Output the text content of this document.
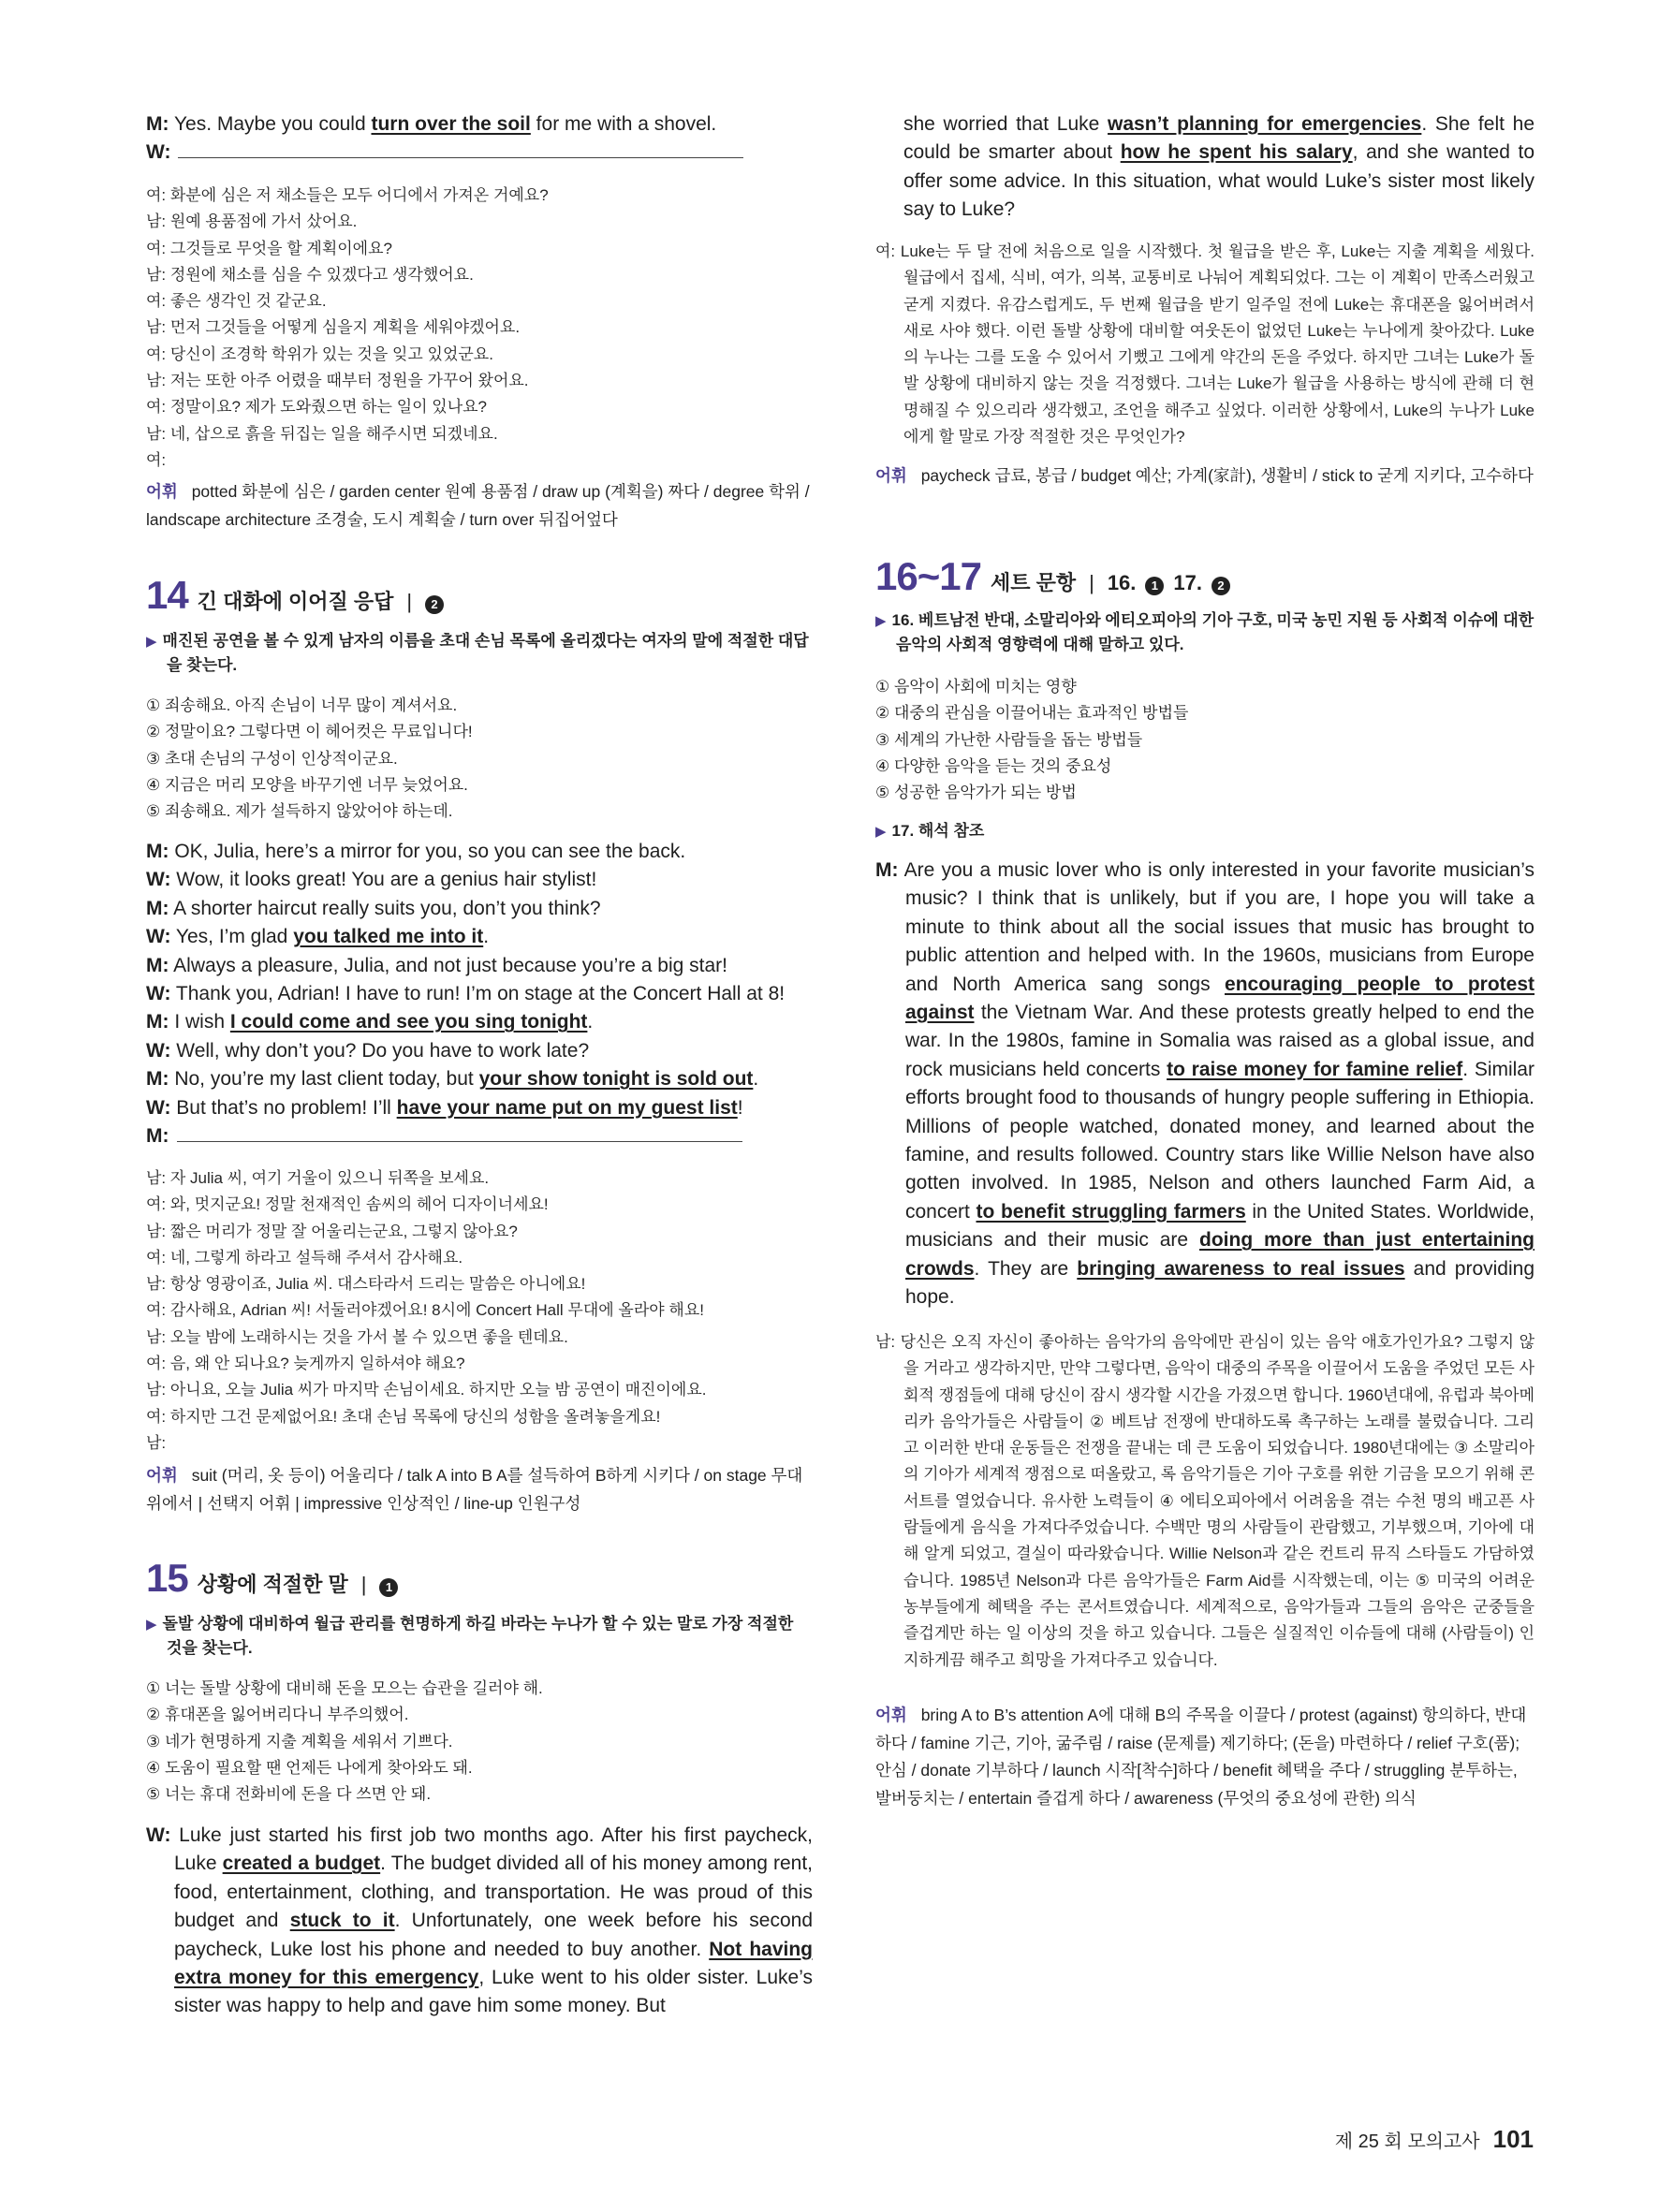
M: Yes. Maybe you could turn over the soil for me with a shovel.
W:
여: 화분에 심은 저 채소들은 모두 어디에서 가져온 거예요?
남: 원예 용품점에 가서 샀어요.
여: 그것들로 무엇을 할 계획이에요?
남: 정원에 채소를 심을 수 있겠다고 생각했어요.
여: 좋은 생각인 것 같군요.
남: 먼저 그것들을 어떻게 심을지 계획을 세워야겠어요.
여: 당신이 조경학 학위가 있는 것을 잊고 있었군요.
남: 저는 또한 아주 어렸을 때부터 정원을 가꾸어 왔어요.
여: 정말이요? 제가 도와줬으면 하는 일이 있나요?
남: 네, 삽으로 흙을 뒤집는 일을 해주시면 되겠네요.
여:
어휘 potted 화분에 심은 / garden center 원예 용품점 / draw up (계획을) 짜다 / degree 학위 / landscape architecture 조경술, 도시 계획술 / turn over 뒤집어엎다
14 긴 대화에 이어질 응답 |	2
▶ 매진된 공연을 볼 수 있게 남자의 이름을 초대 손님 목록에 올리겠다는 여자의 말에 적절한 대답을 찾는다.
① 죄송해요. 아직 손님이 너무 많이 계셔서요.
② 정말이요? 그렇다면 이 헤어컷은 무료입니다!
③ 초대 손님의 구성이 인상적이군요.
④ 지금은 머리 모양을 바꾸기엔 너무 늦었어요.
⑤ 죄송해요. 제가 설득하지 않았어야 하는데.
M: OK, Julia, here’s a mirror for you, so you can see the back.
W: Wow, it looks great! You are a genius hair stylist!
M: A shorter haircut really suits you, don’t you think?
W: Yes, I’m glad you talked me into it.
M: Always a pleasure, Julia, and not just because you’re a big star!
W: Thank you, Adrian! I have to run! I’m on stage at the Concert Hall at 8!
M: I wish I could come and see you sing tonight.
W: Well, why don’t you? Do you have to work late?
M: No, you’re my last client today, but your show tonight is sold out.
W: But that’s no problem! I’ll have your name put on my guest list!
M:
남: 자 Julia 씨, 여기 거울이 있으니 뒤쪽을 보세요.
여: 와, 멋지군요! 정말 천재적인 솜씨의 헤어 디자이너세요!
남: 짧은 머리가 정말 잘 어울리는군요, 그렇지 않아요?
여: 네, 그렇게 하라고 설득해 주셔서 감사해요.
남: 항상 영광이죠, Julia 씨. 대스타라서 드리는 말씀은 아니에요!
여: 감사해요, Adrian 씨! 서둘러야겠어요! 8시에 Concert Hall 무대에 올라야 해요!
남: 오늘 밤에 노래하시는 것을 가서 볼 수 있으면 좋을 텐데요.
여: 음, 왜 안 되나요? 늦게까지 일하셔야 해요?
남: 아니요, 오늘 Julia 씨가 마지막 손님이세요. 하지만 오늘 밤 공연이 매진이에요.
여: 하지만 그건 문제없어요! 초대 손님 목록에 당신의 성함을 올려놓을게요!
남:
어휘 suit (머리, 옷 등이) 어울리다 / talk A into B A를 설득하여 B하게 시키다 / on stage 무대 위에서 | 선택지 어휘 | impressive 인상적인 / line-up 인원구성
15 상황에 적절한 말 |	1
▶ 돌발 상황에 대비하여 월급 관리를 현명하게 하길 바라는 누나가 할 수 있는 말로 가장 적절한 것을 찾는다.
① 너는 돌발 상황에 대비해 돈을 모으는 습관을 길러야 해.
② 휴대폰을 잃어버리다니 부주의했어.
③ 네가 현명하게 지출 계획을 세워서 기쁘다.
④ 도움이 필요할 땐 언제든 나에게 찾아와도 돼.
⑤ 너는 휴대 전화비에 돈을 다 쓰면 안 돼.
W: Luke just started his first job two months ago. After his first paycheck, Luke created a budget. The budget divided all of his money among rent, food, entertainment, clothing, and transportation. He was proud of this budget and stuck to it. Unfortunately, one week before his second paycheck, Luke lost his phone and needed to buy another. Not having extra money for this emergency, Luke went to his older sister. Luke’s sister was happy to help and gave him some money. But
she worried that Luke wasn’t planning for emergencies. She felt he could be smarter about how he spent his salary, and she wanted to offer some advice. In this situation, what would Luke’s sister most likely say to Luke?
여: Luke는 두 달 전에 처음으로 일을 시작했다. 첫 월급을 받은 후, Luke는 지출 계획을 세웠다. 월급에서 집세, 식비, 여가, 의복, 교통비로 나눠어 계획되었다. 그는 이 계획이 만족스러웠고 굳게 지켰다. 유감스럽게도, 두 번째 월급을 받기 일주일 전에 Luke는 휴대폰을 잃어버려서 새로 사야 했다. 이런 돌발 상황에 대비할 여웃돈이 없었던 Luke는 누나에게 찾아갔다. Luke의 누나는 그를 도울 수 있어서 기뻤고 그에게 약간의 돈을 주었다. 하지만 그녀는 Luke가 돌발 상황에 대비하지 않는 것을 걱정했다. 그녀는 Luke가 월급을 사용하는 방식에 관해 더 현명해질 수 있으리라 생각했고, 조언을 해주고 싶었다. 이러한 상황에서, Luke의 누나가 Luke에게 할 말로 가장 적절한 것은 무엇인가?
어휘 paycheck 급료, 봉급 / budget 예산; 가계(家計), 생활비 / stick to 굳게 지키다, 고수하다
16~17 세트 문항 | 16.	1 17.	2
▶ 16. 베트남전 반대, 소말리아와 에티오피아의 기아 구호, 미국 농민 지원 등 사회적 이슈에 대한 음악의 사회적 영향력에 대해 말하고 있다.
① 음악이 사회에 미치는 영향
② 대중의 관심을 이끌어내는 효과적인 방법들
③ 세계의 가난한 사람들을 돕는 방법들
④ 다양한 음악을 듣는 것의 중요성
⑤ 성공한 음악가가 되는 방법
▶ 17. 해석 참조
M: Are you a music lover who is only interested in your favorite musician’s music? I think that is unlikely, but if you are, I hope you will take a minute to think about all the social issues that music has brought to public attention and helped with. In the 1960s, musicians from Europe and North America sang songs encouraging people to protest against the Vietnam War. And these protests greatly helped to end the war. In the 1980s, famine in Somalia was raised as a global issue, and rock musicians held concerts to raise money for famine relief. Similar efforts brought food to thousands of hungry people suffering in Ethiopia. Millions of people watched, donated money, and learned about the famine, and results followed. Country stars like Willie Nelson have also gotten involved. In 1985, Nelson and others launched Farm Aid, a concert to benefit struggling farmers in the United States. Worldwide, musicians and their music are doing more than just entertaining crowds. They are bringing awareness to real issues and providing hope.
남: 당신은 오직 자신이 좋아하는 음악가의 음악에만 관심이 있는 음악 애호가인가요? 그렇지 않을 거라고 생각하지만, 만약 그렇다면, 음악이 대중의 주목을 이끌어서 도움을 주었던 모든 사회적 쟁점들에 대해 당신이 잠시 생각할 시간을 가졌으면 합니다. 1960년대에, 유럽과 북아메리카 음악가들은 사람들이 ② 베트남 전쟁에 반대하도록 촉구하는 노래를 불렀습니다. 그리고 이러한 반대 운동들은 전쟁을 끝내는 데 큰 도움이 되었습니다. 1980년대에는 ③ 소말리아의 기아가 세계적 쟁점으로 떠올랐고, 록 음악기들은 기아 구호를 위한 기금을 모으기 위해 콘서트를 열었습니다. 유사한 노력들이 ④ 에티오피아에서 어려움을 겪는 수천 명의 배고픈 사람들에게 음식을 가져다주었습니다. 수백만 명의 사람들이 관람했고, 기부했으며, 기아에 대해 알게 되었고, 결실이 따라왔습니다. Willie Nelson과 같은 컨트리 뮤직 스타들도 가담하였습니다. 1985년 Nelson과 다른 음악가들은 Farm Aid를 시작했는데, 이는 ⑤ 미국의 어려운 농부들에게 혜택을 주는 콘서트였습니다. 세계적으로, 음악가들과 그들의 음악은 군중들을 즐겁게만 하는 일 이상의 것을 하고 있습니다. 그들은 실질적인 이슈들에 대해 (사람들이) 인지하게끔 해주고 희망을 가져다주고 있습니다.
어휘 bring A to B’s attention A에 대해 B의 주목을 이끌다 / protest (against) 항의하다, 반대하다 / famine 기근, 기아, 굶주림 / raise (문제를) 제기하다; (돈을) 마련하다 / relief 구호(품); 안심 / donate 기부하다 / launch 시작[착수]하다 / benefit 혜택을 주다 / struggling 분투하는, 발버둥치는 / entertain 즐겁게 하다 / awareness (무엇의 중요성에 관한) 의식
제 25 회 모의고사 101
